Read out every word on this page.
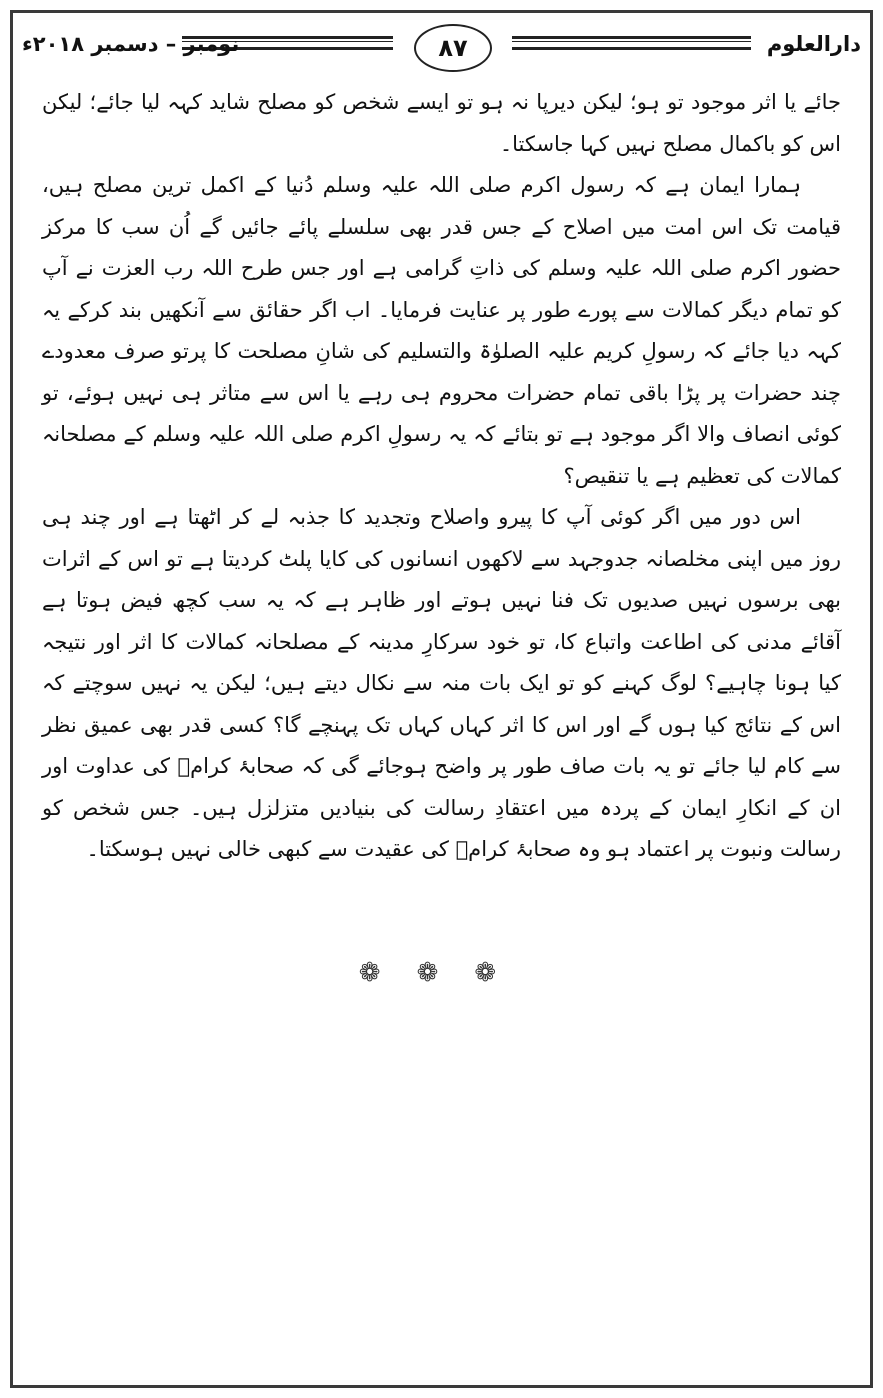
دارالعلوم
۸۷
نومبر – دسمبر ۲۰۱۸ء

جائے یا اثر موجود تو ہو؛ لیکن دیرپا نہ ہو تو ایسے شخص کو مصلح شاید کہہ لیا جائے؛ لیکن اس کو باکمال مصلح نہیں کہا جاسکتا۔

ہمارا ایمان ہے کہ رسول اکرم صلی اللہ علیہ وسلم دُنیا کے اکمل ترین مصلح ہیں، قیامت تک اس امت میں اصلاح کے جس قدر بھی سلسلے پائے جائیں گے اُن سب کا مرکز حضور اکرم صلی اللہ علیہ وسلم کی ذاتِ گرامی ہے اور جس طرح اللہ رب العزت نے آپ کو تمام دیگر کمالات سے پورے طور پر عنایت فرمایا۔ اب اگر حقائق سے آنکھیں بند کرکے یہ کہہ دیا جائے کہ رسولِ کریم علیہ الصلوٰۃ والتسلیم کی شانِ مصلحت کا پرتو صرف معدودے چند حضرات پر پڑا باقی تمام حضرات محروم ہی رہے یا اس سے متاثر ہی نہیں ہوئے، تو کوئی انصاف والا اگر موجود ہے تو بتائے کہ یہ رسولِ اکرم صلی اللہ علیہ وسلم کے مصلحانہ کمالات کی تعظیم ہے یا تنقیص؟

اس دور میں اگر کوئی آپ کا پیرو واصلاح وتجدید کا جذبہ لے کر اٹھتا ہے اور چند ہی روز میں اپنی مخلصانہ جدوجہد سے لاکھوں انسانوں کی کایا پلٹ کردیتا ہے تو اس کے اثرات بھی برسوں نہیں صدیوں تک فنا نہیں ہوتے اور ظاہر ہے کہ یہ سب کچھ فیض ہوتا ہے آقائے مدنی کی اطاعت واتباع کا، تو خود سرکارِ مدینہ کے مصلحانہ کمالات کا اثر اور نتیجہ کیا ہونا چاہیے؟ لوگ کہنے کو تو ایک بات منہ سے نکال دیتے ہیں؛ لیکن یہ نہیں سوچتے کہ اس کے نتائج کیا ہوں گے اور اس کا اثر کہاں کہاں تک پہنچے گا؟ کسی قدر بھی عمیق نظر سے کام لیا جائے تو یہ بات صاف طور پر واضح ہوجائے گی کہ صحابۂ کرامؓ کی عداوت اور ان کے انکارِ ایمان کے پردہ میں اعتقادِ رسالت کی بنیادیں متزلزل ہیں۔ جس شخص کو رسالت ونبوت پر اعتماد ہو وہ صحابۂ کرامؓ کی عقیدت سے کبھی خالی نہیں ہوسکتا۔

❁ ❁ ❁
